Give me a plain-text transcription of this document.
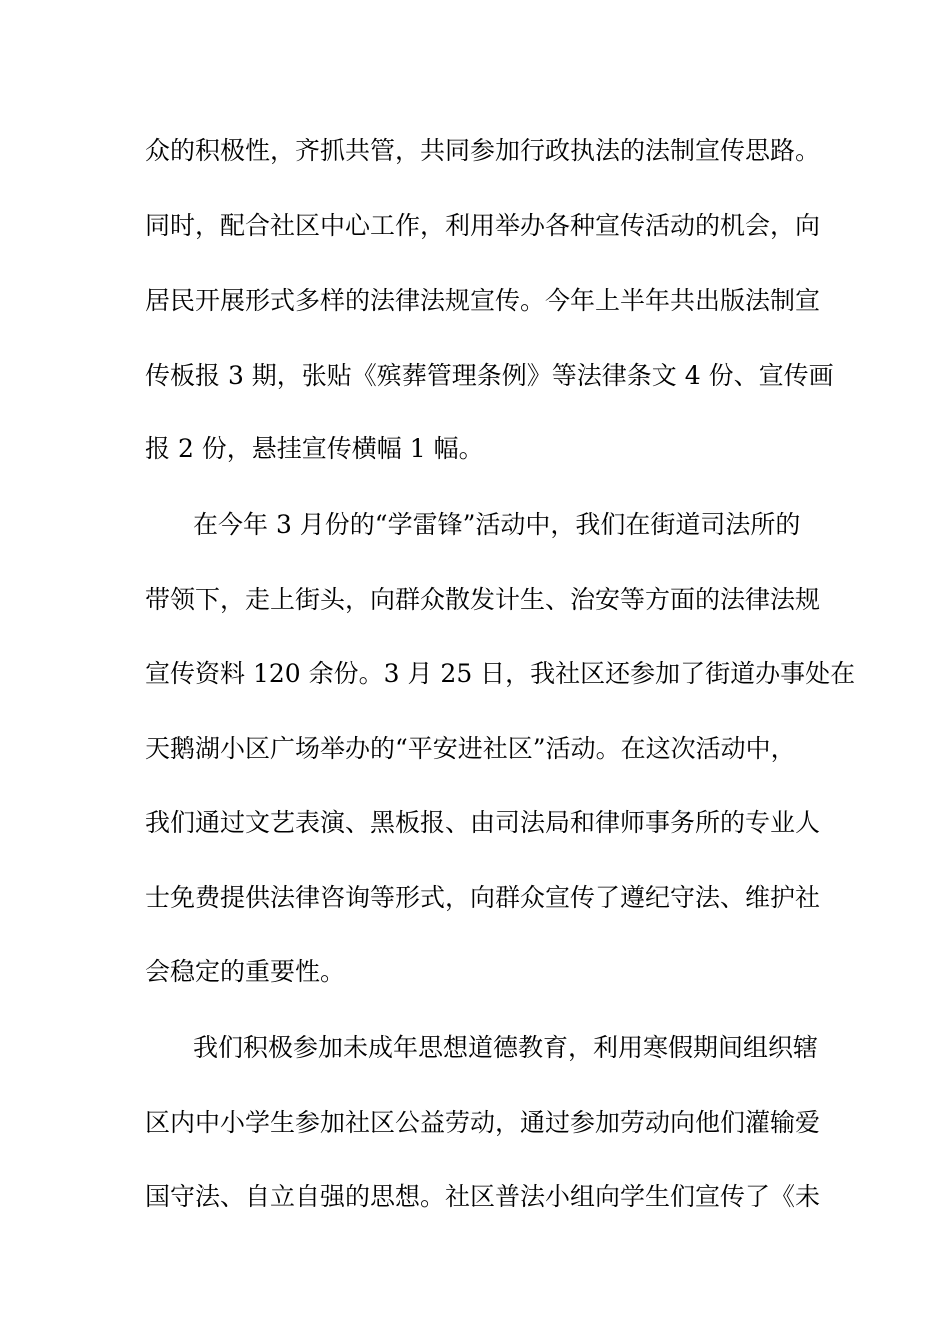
众的积极性，齐抓共管，共同参加行政执法的法制宣传思路。
同时，配合社区中心工作，利用举办各种宣传活动的机会，向
居民开展形式多样的法律法规宣传。今年上半年共出版法制宣
传板报 3 期，张贴《殡葬管理条例》等法律条文 4 份、宣传画
报 2 份，悬挂宣传横幅 1 幅。
在今年 3 月份的“学雷锋”活动中，我们在街道司法所的
带领下，走上街头，向群众散发计生、治安等方面的法律法规
宣传资料 120 余份。3 月 25 日，我社区还参加了街道办事处在
天鹅湖小区广场举办的“平安进社区”活动。在这次活动中，
我们通过文艺表演、黑板报、由司法局和律师事务所的专业人
士免费提供法律咨询等形式，向群众宣传了遵纪守法、维护社
会稳定的重要性。
我们积极参加未成年思想道德教育，利用寒假期间组织辖
区内中小学生参加社区公益劳动，通过参加劳动向他们灌输爱
国守法、自立自强的思想。社区普法小组向学生们宣传了《未
